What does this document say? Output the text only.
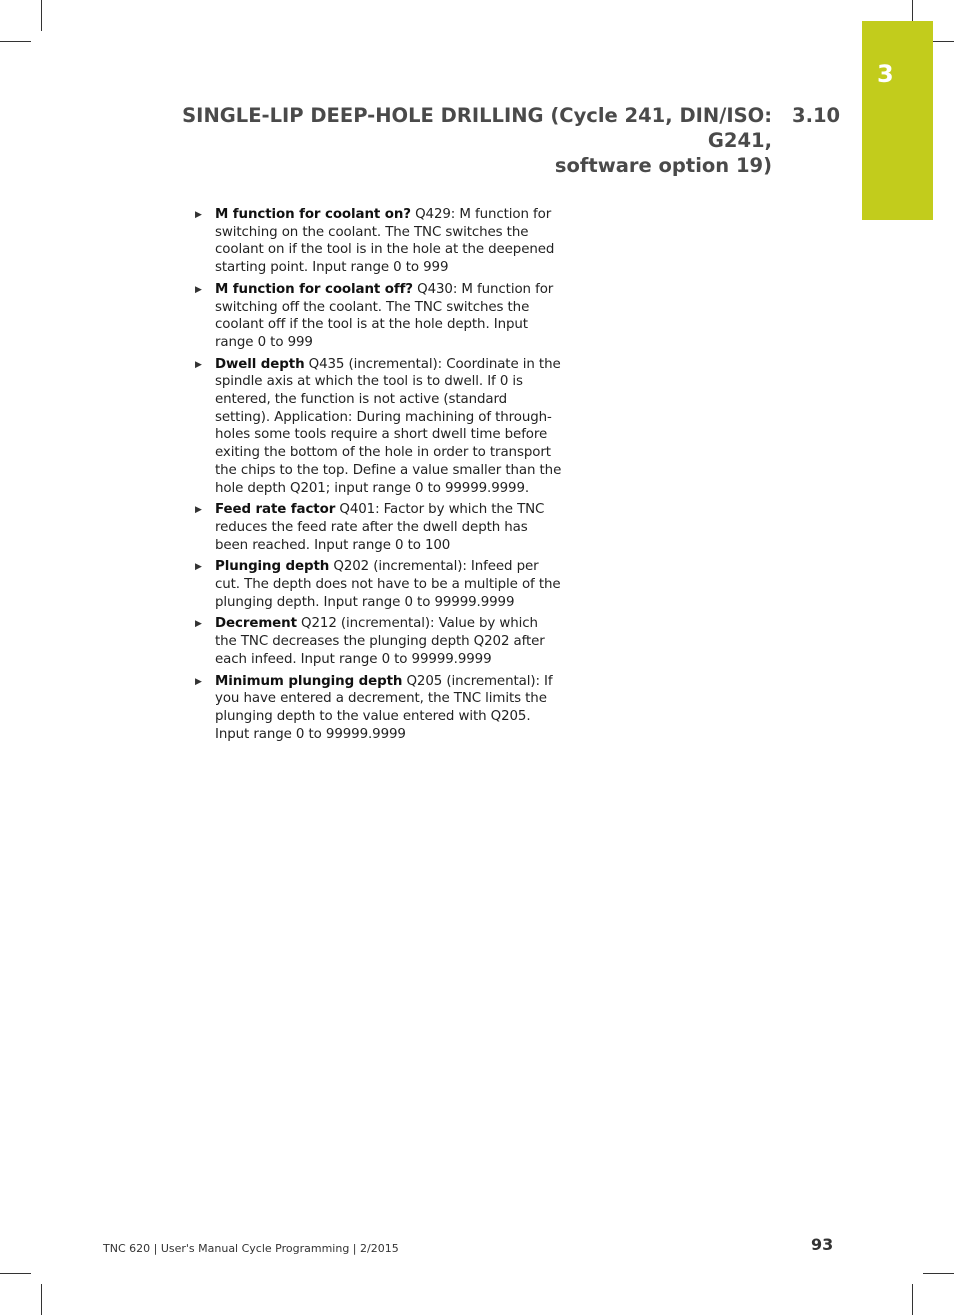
3
SINGLE-LIP DEEP-HOLE DRILLING (Cycle 241, DIN/ISO: G241,
software option 19)
3.10
▶ M function for coolant on? Q429: M function for switching on the coolant. The TNC switches the coolant on if the tool is in the hole at the deepened starting point. Input range 0 to 999
▶ M function for coolant off? Q430: M function for switching off the coolant. The TNC switches the coolant off if the tool is at the hole depth. Input range 0 to 999
▶ Dwell depth Q435 (incremental): Coordinate in the spindle axis at which the tool is to dwell. If 0 is entered, the function is not active (standard setting). Application: During machining of through-holes some tools require a short dwell time before exiting the bottom of the hole in order to transport the chips to the top. Define a value smaller than the hole depth Q201; input range 0 to 99999.9999.
▶ Feed rate factor Q401: Factor by which the TNC reduces the feed rate after the dwell depth has been reached. Input range 0 to 100
▶ Plunging depth Q202 (incremental): Infeed per cut. The depth does not have to be a multiple of the plunging depth. Input range 0 to 99999.9999
▶ Decrement Q212 (incremental): Value by which the TNC decreases the plunging depth Q202 after each infeed. Input range 0 to 99999.9999
▶ Minimum plunging depth Q205 (incremental): If you have entered a decrement, the TNC limits the plunging depth to the value entered with Q205. Input range 0 to 99999.9999
TNC 620 | User's Manual Cycle Programming | 2/2015	93
